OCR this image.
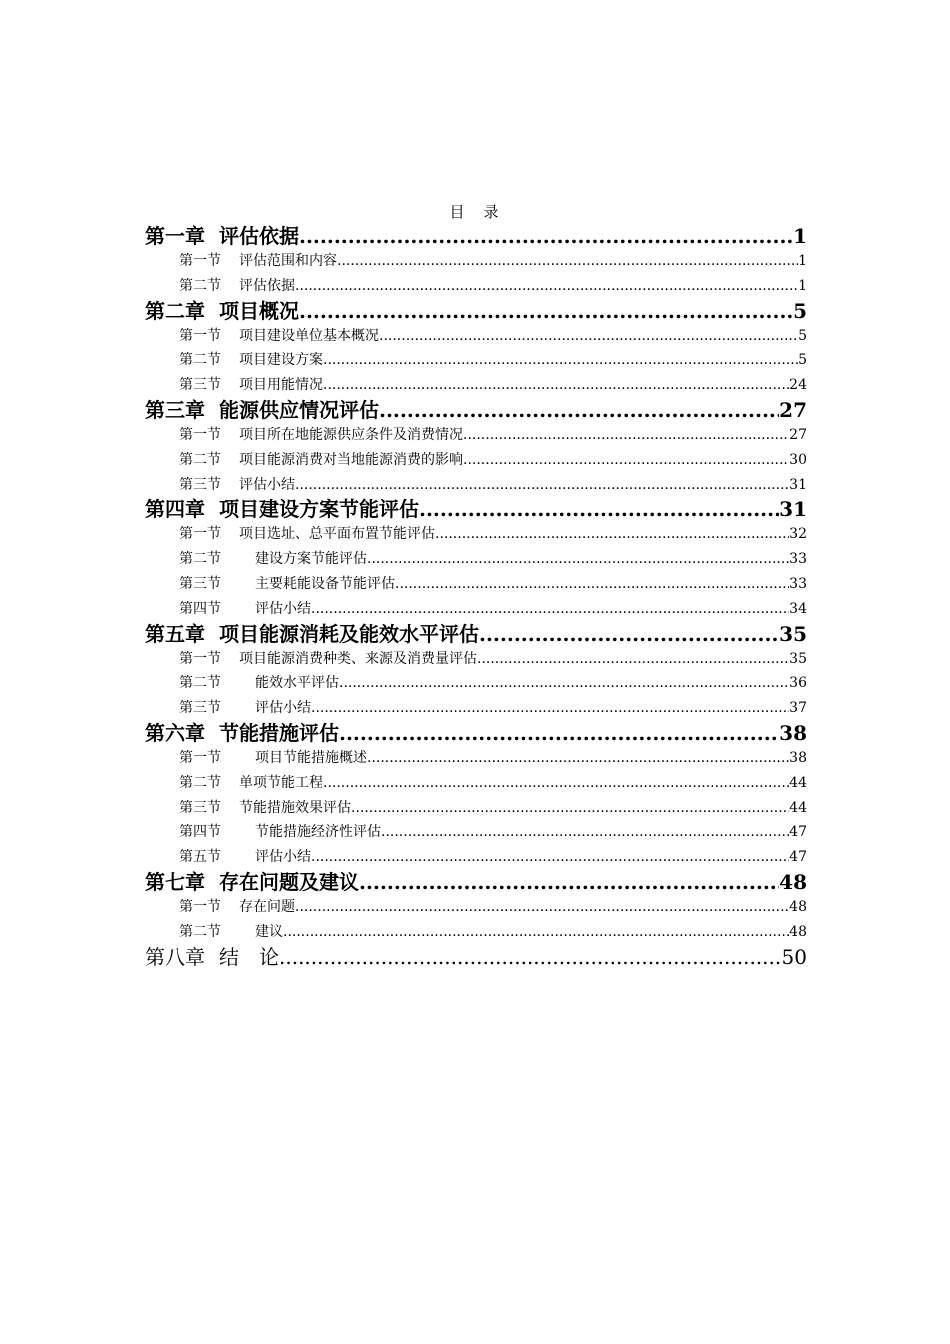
目　录
第一章 评估依据 .....	1
第一节 评估范围和内容 .....	1
第二节 评估依据 .....	1
第二章 项目概况 .....	5
第一节 项目建设单位基本概况 .....	5
第二节 项目建设方案 .....	5
第三节 项目用能情况 .....	24
第三章 能源供应情况评估 .....	27
第一节 项目所在地能源供应条件及消费情况 .....	27
第二节 项目能源消费对当地能源消费的影响 .....	30
第三节 评估小结 .....	31
第四章 项目建设方案节能评估 .....	31
第一节 项目选址、总平面布置节能评估 .....	32
第二节 建设方案节能评估 .....	33
第三节 主要耗能设备节能评估 .....	33
第四节 评估小结 .....	34
第五章 项目能源消耗及能效水平评估 .....	35
第一节 项目能源消费种类、来源及消费量评估 .....	35
第二节 能效水平评估 .....	36
第三节 评估小结 .....	37
第六章 节能措施评估 .....	38
第一节 项目节能措施概述 .....	38
第二节 单项节能工程 .....	44
第三节 节能措施效果评估 .....	44
第四节 节能措施经济性评估 .....	47
第五节 评估小结 .....	47
第七章 存在问题及建议 .....	48
第一节 存在问题 .....	48
第二节 建议 .....	48
第八章 结　论 .....	50
